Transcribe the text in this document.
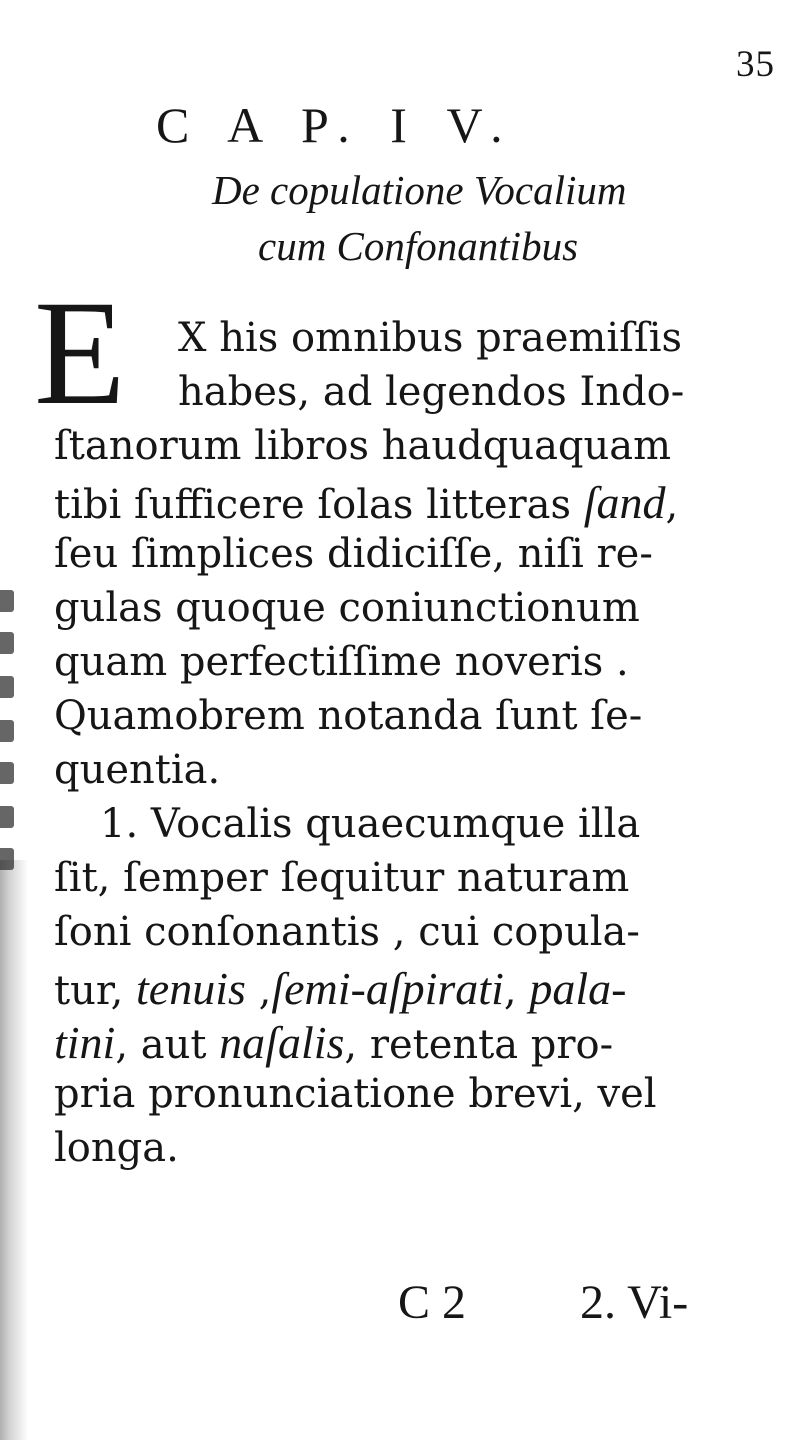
35
C A P. I V.
De copulatione Vocalium
cum Confonantibus
E X his omnibus praemiſſis
habes, ad legendos Indo-
ſtanorum libros haudquaquam
tibi ſufficere ſolas litteras ſand,
ſeu ſimplices didiciſſe, niſi re-
gulas quoque coniunctionum
quam perfectiſſime noveris .
Quamobrem notanda ſunt ſe-
quentia.
1. Vocalis quaecumque illa
ſit, ſemper ſequitur naturam
ſoni conſonantis , cui copula-
tur, tenuis ,ſemi-aſpirati, pala-
tini, aut naſalis, retenta pro-
pria pronunciatione brevi, vel
longa.
C 2 2. Vi-
